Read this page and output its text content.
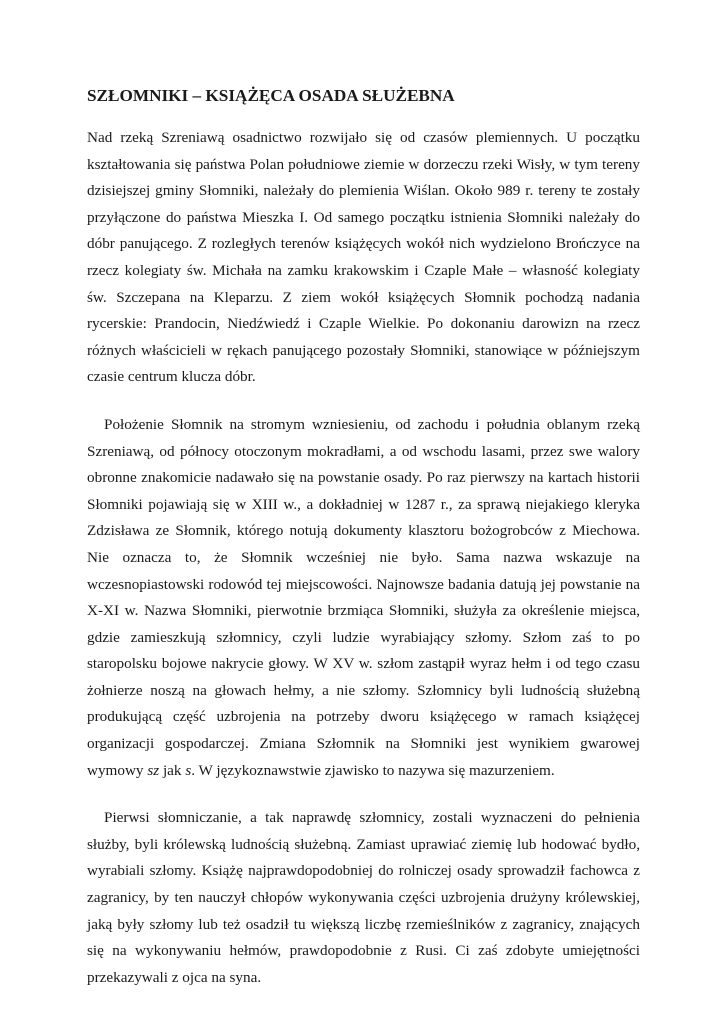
SZŁOMNIKI – KSIĄŻĘCA OSADA SŁUŻEBNA

Nad rzeką Szreniawą osadnictwo rozwijało się od czasów plemiennych. U początku kształtowania się państwa Polan południowe ziemie w dorzeczu rzeki Wisły, w tym tereny dzisiejszej gminy Słomniki, należały do plemienia Wiślan. Około 989 r. tereny te zostały przyłączone do państwa Mieszka I. Od samego początku istnienia Słomniki należały do dóbr panującego. Z rozległych terenów książęcych wokół nich wydzielono Brończyce na rzecz kolegiaty św. Michała na zamku krakowskim i Czaple Małe – własność kolegiaty św. Szczepana na Kleparzu. Z ziem wokół książęcych Słomnik pochodzą nadania rycerskie: Prandocin, Niedźwiedź i Czaple Wielkie. Po dokonaniu darowizn na rzecz różnych właścicieli w rękach panującego pozostały Słomniki, stanowiące w późniejszym czasie centrum klucza dóbr.

Położenie Słomnik na stromym wzniesieniu, od zachodu i południa oblanym rzeką Szreniawą, od północy otoczonym mokradłami, a od wschodu lasami, przez swe walory obronne znakomicie nadawało się na powstanie osady. Po raz pierwszy na kartach historii Słomniki pojawiają się w XIII w., a dokładniej w 1287 r., za sprawą niejakiego kleryka Zdzisława ze Słomnik, którego notują dokumenty klasztoru bożogrobców z Miechowa. Nie oznacza to, że Słomnik wcześniej nie było. Sama nazwa wskazuje na wczesnopiastowski rodowód tej miejscowości. Najnowsze badania datują jej powstanie na X-XI w. Nazwa Słomniki, pierwotnie brzmiąca Słomniki, służyła za określenie miejsca, gdzie zamieszkują szłomnicy, czyli ludzie wyrabiający szłomy. Szłom zaś to po staropolsku bojowe nakrycie głowy. W XV w. szłom zastąpił wyraz hełm i od tego czasu żołnierze noszą na głowach hełmy, a nie szłomy. Szłomnicy byli ludnością służebną produkującą część uzbrojenia na potrzeby dworu książęcego w ramach książęcej organizacji gospodarczej. Zmiana Szłomnik na Słomniki jest wynikiem gwarowej wymowy sz jak s. W językoznawstwie zjawisko to nazywa się mazurzeniem.

Pierwsi słomniczanie, a tak naprawdę szłomnicy, zostali wyznaczeni do pełnienia służby, byli królewską ludnością służebną. Zamiast uprawiać ziemię lub hodować bydło, wyrabiali szłomy. Książę najprawdopodobniej do rolniczej osady sprowadził fachowca z zagranicy, by ten nauczył chłopów wykonywania części uzbrojenia drużyny królewskiej, jaką były szłomy lub też osadził tu większą liczbę rzemieślników z zagranicy, znających się na wykonywaniu hełmów, prawdopodobnie z Rusi. Ci zaś zdobyte umiejętności przekazywali z ojca na syna.
